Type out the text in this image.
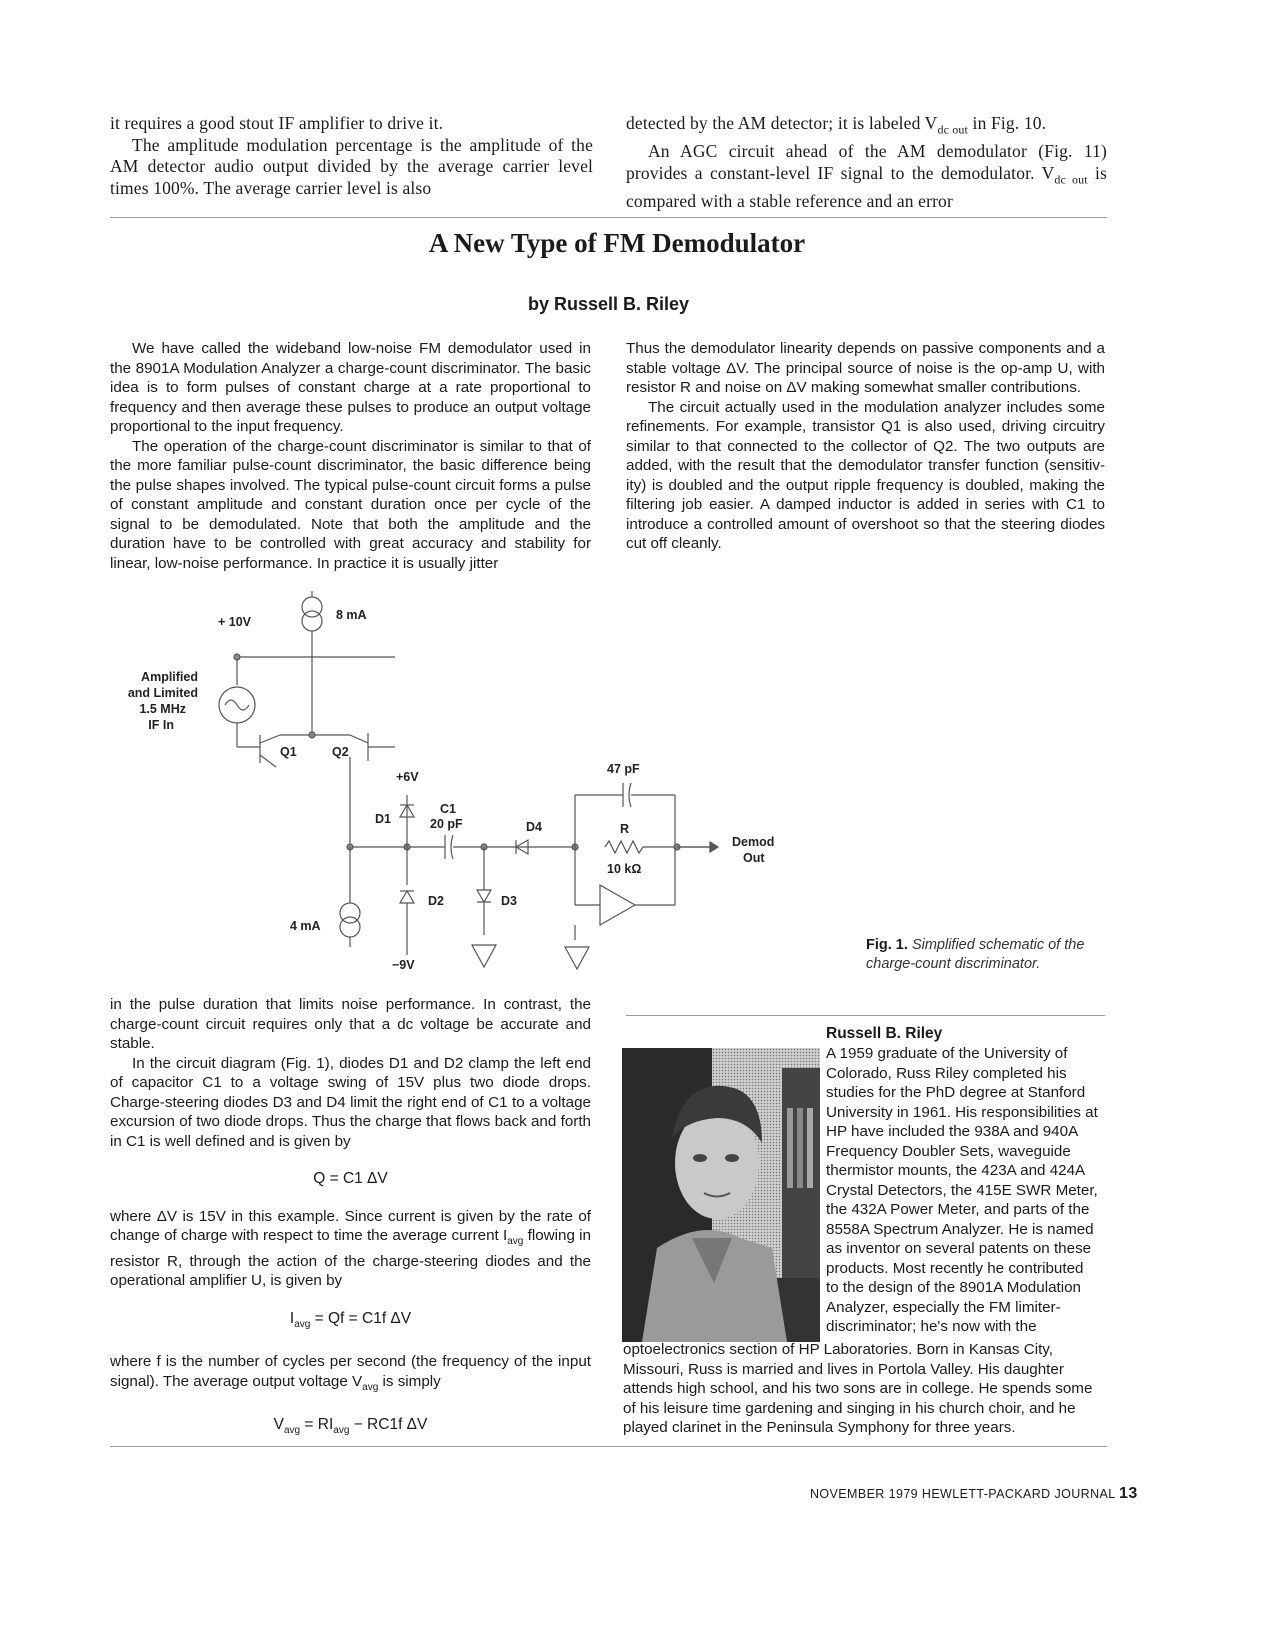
it requires a good stout IF amplifier to drive it.

The amplitude modulation percentage is the amplitude of the AM detector audio output divided by the average carrier level times 100%. The average carrier level is also

detected by the AM detector; it is labeled $V_{dc out}$ in Fig. 10.

An AGC circuit ahead of the AM demodulator (Fig. 11) provides a constant-level IF signal to the demodulator. $V_{dc out}$ is compared with a stable reference and an error

A New Type of FM Demodulator
by Russell B. Riley

We have called the wideband low-noise FM demodulator used in the 8901A Modulation Analyzer a charge-count discriminator. The basic idea is to form pulses of constant charge at a rate proportional to frequency and then average these pulses to produce an output voltage proportional to the input frequency.

The operation of the charge-count discriminator is similar to that of the more familiar pulse-count discriminator, the basic difference being the pulse shapes involved. The typical pulse-count circuit forms a pulse of constant amplitude and constant duration once per cycle of the signal to be demodulated. Note that both the amplitude and the duration have to be controlled with great accuracy and stability for linear, low-noise performance. In practice it is usually jitter

Thus the demodulator linearity depends on passive components and a stable voltage ΔV. The principal source of noise is the op-amp U, with resistor R and noise on ΔV making somewhat smaller contributions.

The circuit actually used in the modulation analyzer includes some refinements. For example, transistor Q1 is also used, driving circuitry similar to that connected to the collector of Q2. The two outputs are added, with the result that the demodulator transfer function (sensitiv-ity) is doubled and the output ripple frequency is doubled, making the filtering job easier. A damped inductor is added in series with C1 to introduce a controlled amount of overshoot so that the steering diodes cut off cleanly.

+ 10V	8 mA
Amplified
and Limited
1.5 MHz
IF In
Q1	Q2
+6V
D1
C1
20 pF	D4
47 pF
R
10 kΩ
Demod
Out
D2	D3
4 mA
−9V
Fig. 1. Simplified schematic of the charge-count discriminator.

in the pulse duration that limits noise performance. In contrast, the charge-count circuit requires only that a dc voltage be accurate and stable.

In the circuit diagram (Fig. 1), diodes D1 and D2 clamp the left end of capacitor C1 to a voltage swing of 15V plus two diode drops. Charge-steering diodes D3 and D4 limit the right end of C1 to a voltage excursion of two diode drops. Thus the charge that flows back and forth in C1 is well defined and is given by

Q = C1 ΔV

where ΔV is 15V in this example. Since current is given by the rate of change of charge with respect to time the average current $I_{avg}$ flowing in resistor R, through the action of the charge-steering diodes and the operational amplifier U, is given by

$I_{avg} = Qf = C1f$ ΔV

where f is the number of cycles per second (the frequency of the input signal). The average output voltage $V_{avg}$ is simply

$V_{avg} = RI_{avg} - RC1f$ ΔV
Russell B. Riley
A 1959 graduate of the University of Colorado, Russ Riley completed his studies for the PhD degree at Stanford University in 1961. His responsibilities at HP have included the 938A and 940A Frequency Doubler Sets, waveguide thermistor mounts, the 423A and 424A Crystal Detectors, the 415E SWR Meter, the 432A Power Meter, and parts of the 8558A Spectrum Analyzer. He is named as inventor on several patents on these products. Most recently he contributed to the design of the 8901A Modulation Analyzer, especially the FM limiter-discriminator; he's now with the
optoelectronics section of HP Laboratories. Born in Kansas City, Missouri, Russ is married and lives in Portola Valley. His daughter attends high school, and his two sons are in college. He spends some of his leisure time gardening and singing in his church choir, and he played clarinet in the Peninsula Symphony for three years.
NOVEMBER 1979 HEWLETT-PACKARD JOURNAL 13
